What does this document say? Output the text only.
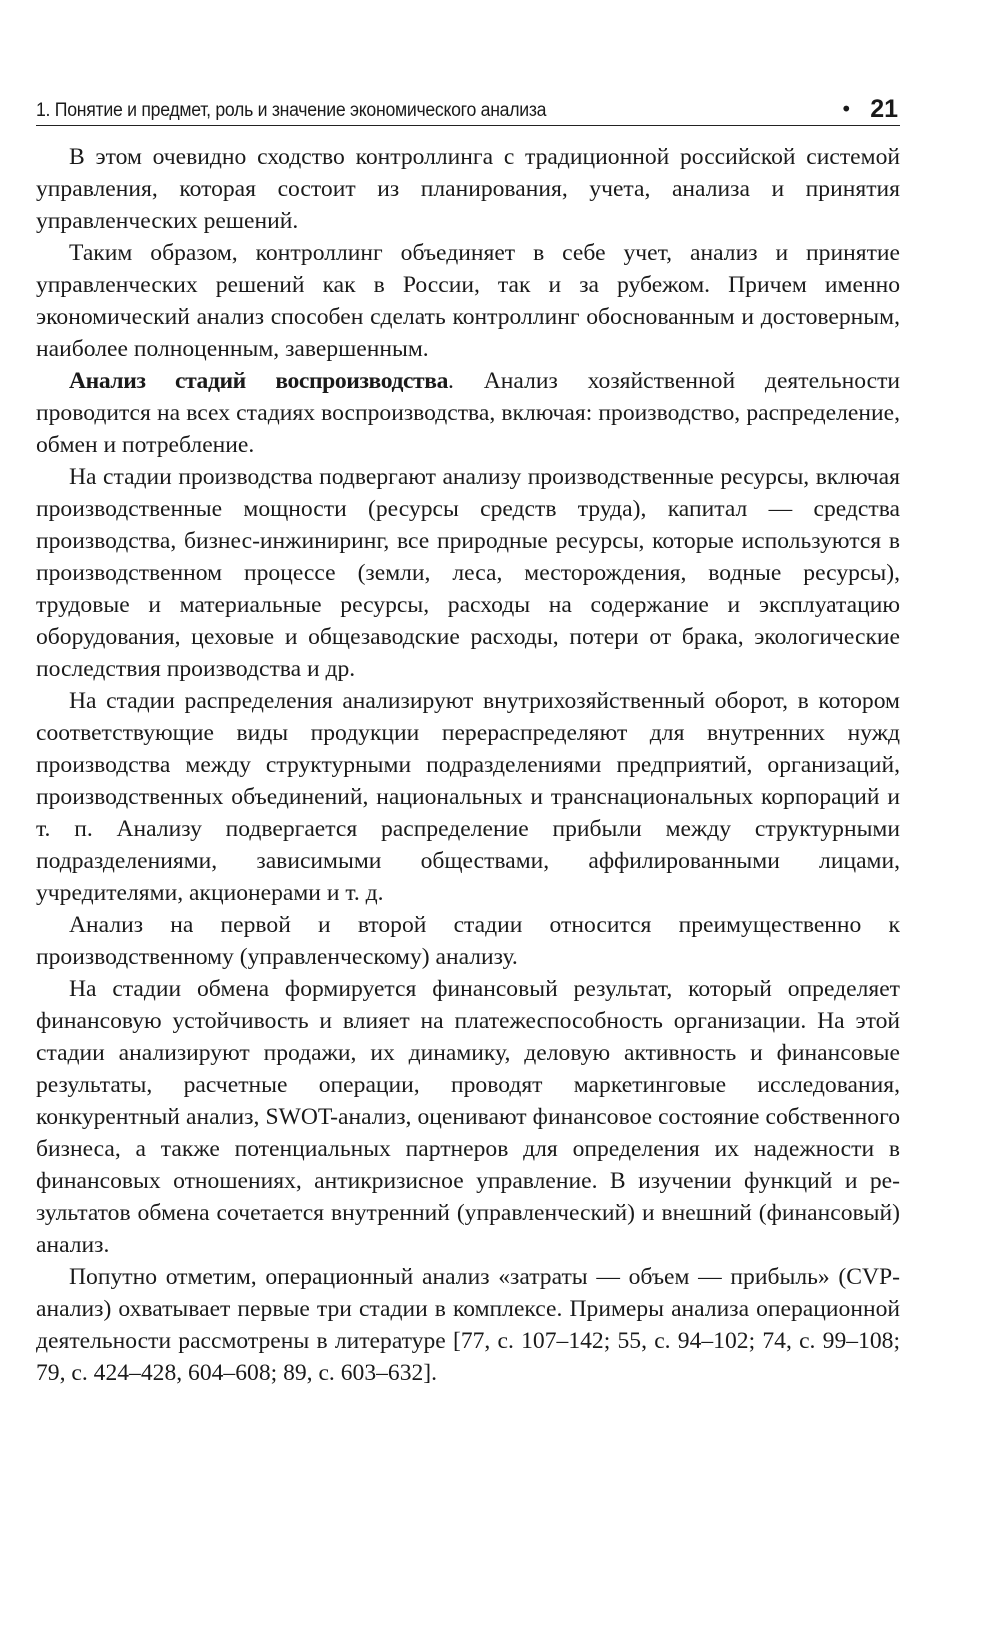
1. Понятие и предмет, роль и значение экономического анализа	• 21

В этом очевидно сходство контроллинга с традиционной российской системой управления, которая состоит из планирования, учета, анализа и принятия управленческих решений.

Таким образом, контроллинг объединяет в себе учет, анализ и принятие управленческих решений как в России, так и за рубежом. Причем именно экономический анализ способен сделать контроллинг обоснованным и достоверным, наиболее полноценным, завершенным.

Анализ стадий воспроизводства. Анализ хозяйственной деятельности проводится на всех стадиях воспроизводства, включая: производство, распределение, обмен и потребление.

На стадии производства подвергают анализу производственные ресурсы, включая производственные мощности (ресурсы средств труда), капитал — средства производства, бизнес-инжиниринг, все природные ресурсы, которые используются в производственном процессе (земли, леса, месторождения, водные ресурсы), трудовые и материальные ресурсы, расходы на содержание и эксплуатацию оборудования, цеховые и общезаводские расходы, потери от брака, экологические последствия производства и др.

На стадии распределения анализируют внутрихозяйственный оборот, в котором соответствующие виды продукции перераспределяют для внутренних нужд производства между структурными подразделениями предприятий, организаций, производственных объединений, национальных и транснациональных корпораций и т. п. Анализу подвергается распределение прибыли между структурными подразделениями, зависимыми обществами, аффилированными лицами, учредителями, акционерами и т. д.

Анализ на первой и второй стадии относится преимущественно к производственному (управленческому) анализу.

На стадии обмена формируется финансовый результат, который определяет финансовую устойчивость и влияет на платежеспособность организации. На этой стадии анализируют продажи, их динамику, деловую активность и финансовые результаты, расчетные операции, проводят маркетинговые исследования, конкурентный анализ, SWOT-анализ, оценивают финансовое состояние собственного бизнеса, а также потенциальных партнеров для определения их надежности в финансовых отношениях, антикризисное управление. В изучении функций и результатов обмена сочетается внутренний (управленческий) и внешний (финансовый) анализ.

Попутно отметим, операционный анализ «затраты — объем — прибыль» (CVP-анализ) охватывает первые три стадии в комплексе. Примеры анализа операционной деятельности рассмотрены в литературе [77, с. 107–142; 55, с. 94–102; 74, с. 99–108; 79, с. 424–428, 604–608; 89, с. 603–632].
